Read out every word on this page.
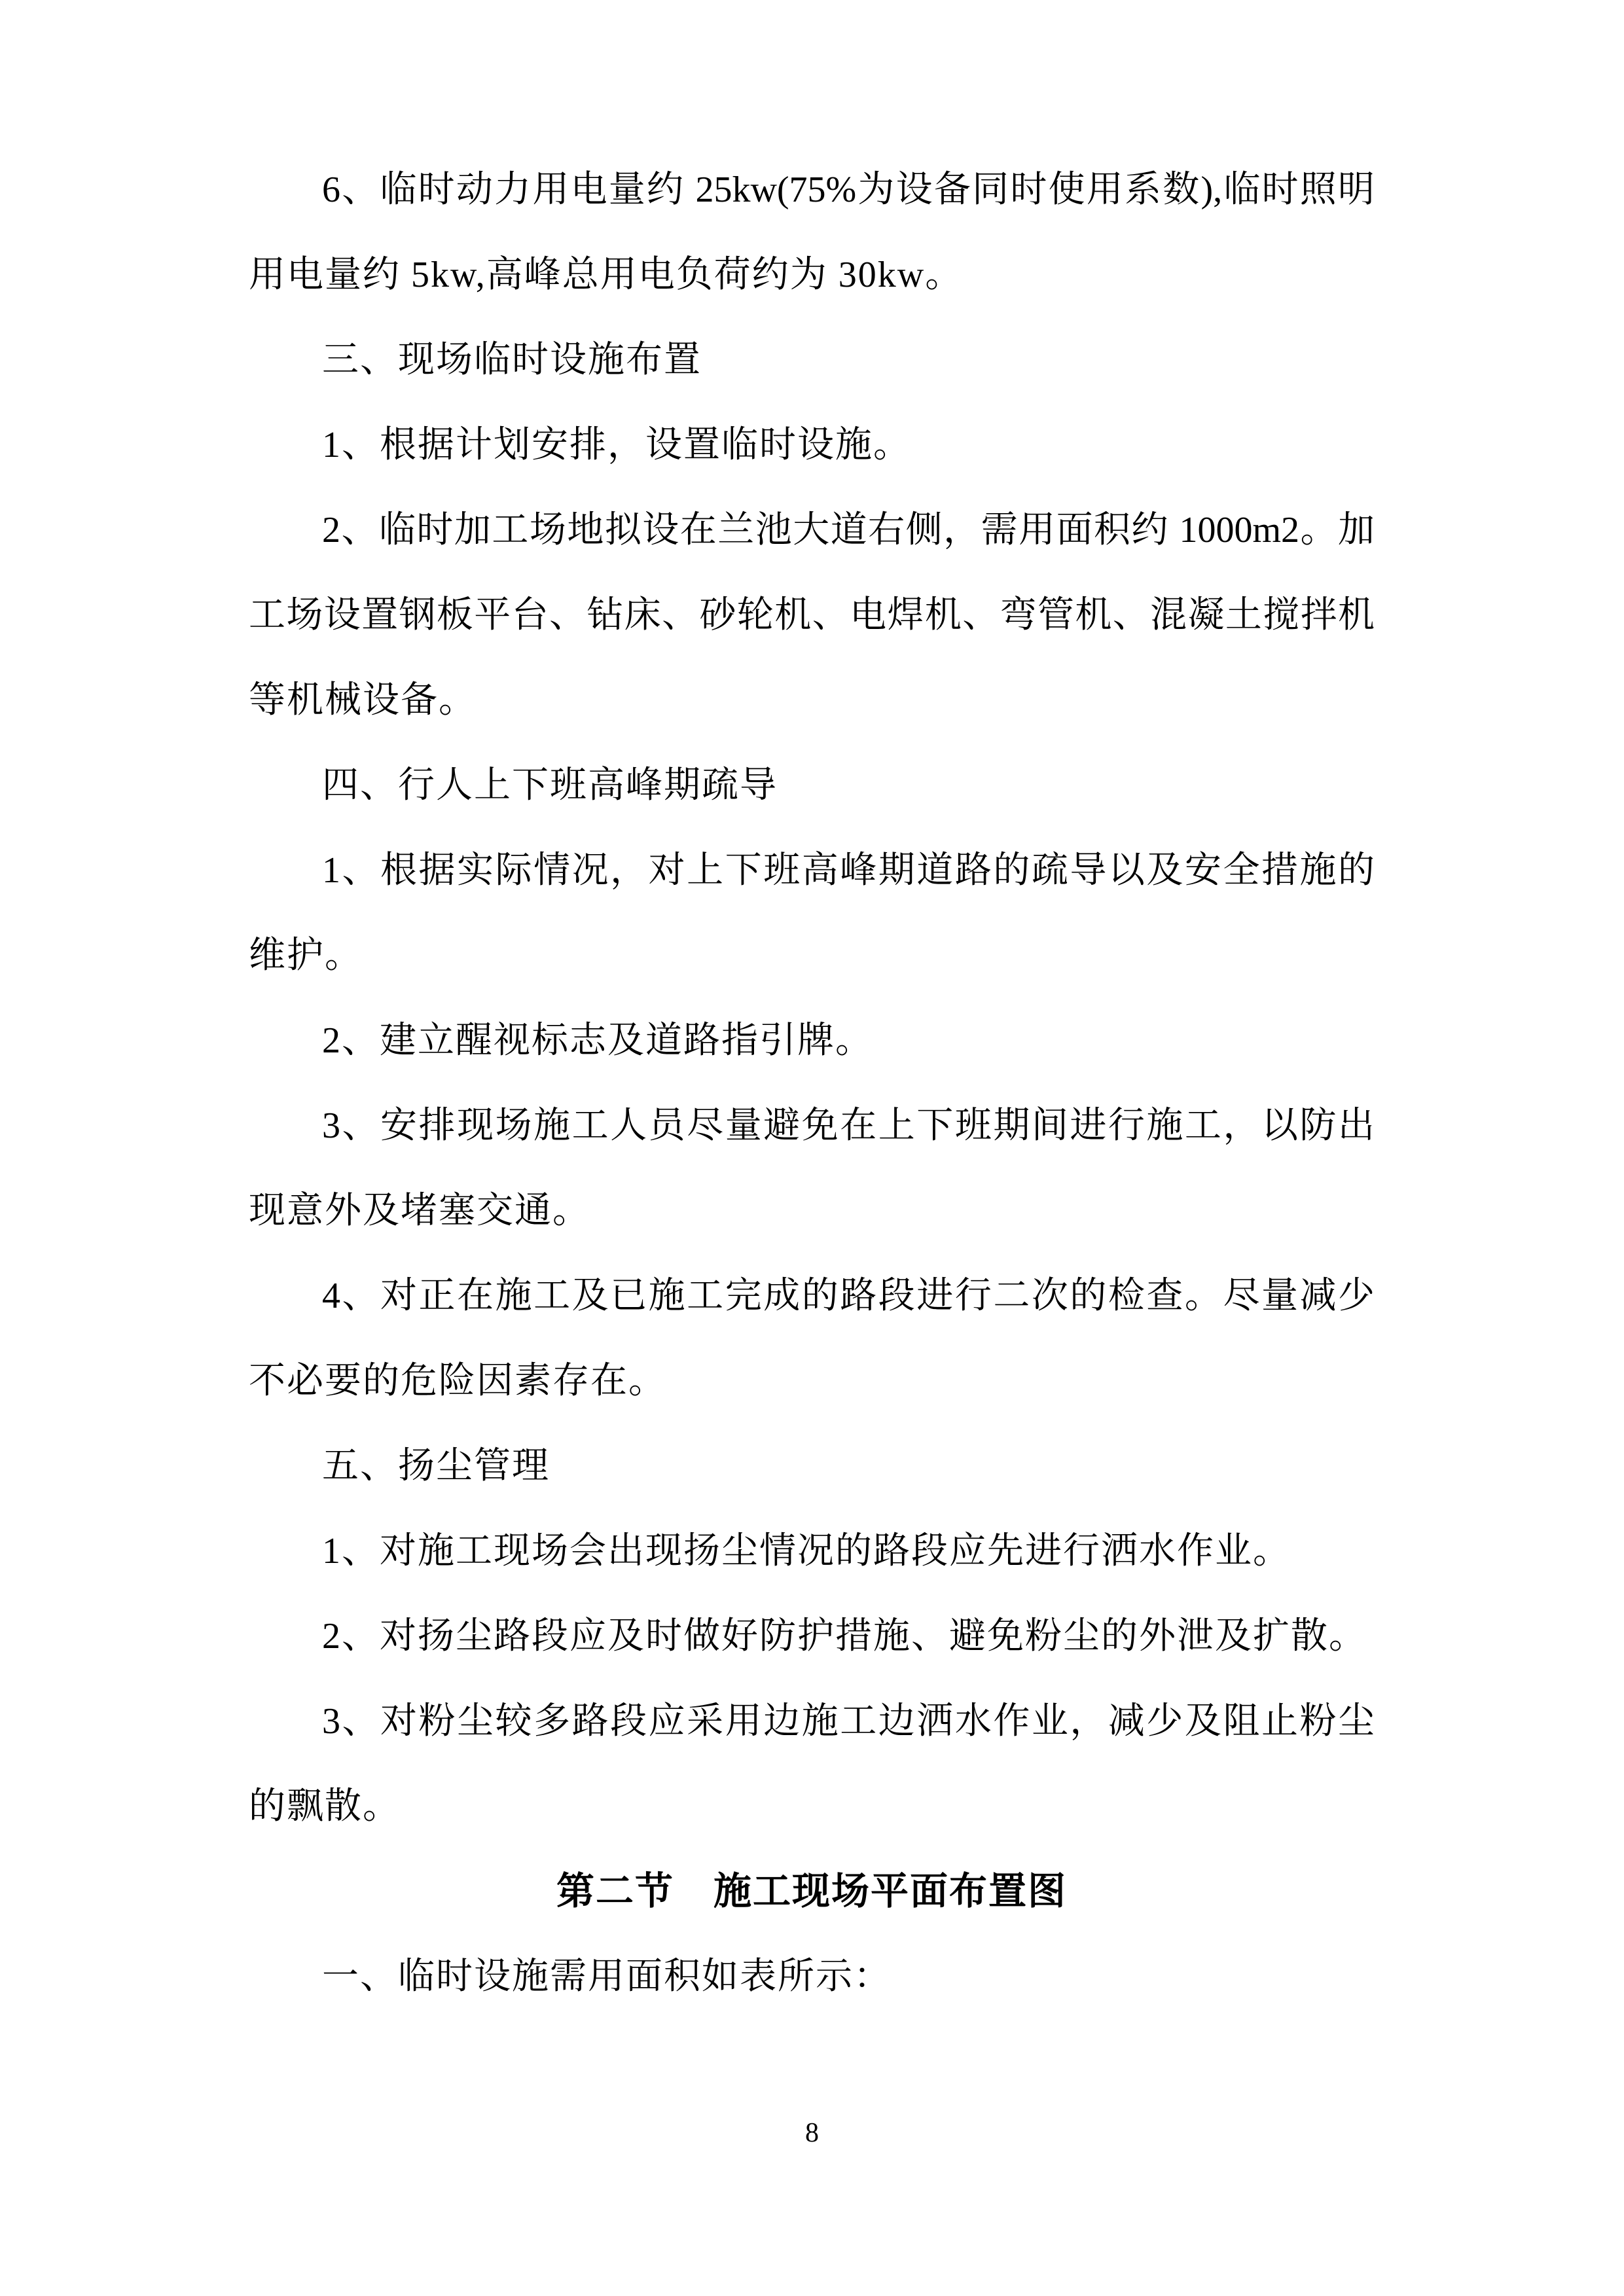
6、临时动力用电量约 25kw(75%为设备同时使用系数),临时照明
用电量约 5kw,高峰总用电负荷约为 30kw。
三、现场临时设施布置
1、根据计划安排，设置临时设施。
2、临时加工场地拟设在兰池大道右侧，需用面积约 1000m2。加
工场设置钢板平台、钻床、砂轮机、电焊机、弯管机、混凝土搅拌机
等机械设备。
四、行人上下班高峰期疏导
1、根据实际情况，对上下班高峰期道路的疏导以及安全措施的
维护。
2、建立醒视标志及道路指引牌。
3、安排现场施工人员尽量避免在上下班期间进行施工，以防出
现意外及堵塞交通。
4、对正在施工及已施工完成的路段进行二次的检查。尽量减少
不必要的危险因素存在。
五、扬尘管理
1、对施工现场会出现扬尘情况的路段应先进行洒水作业。
2、对扬尘路段应及时做好防护措施、避免粉尘的外泄及扩散。
3、对粉尘较多路段应采用边施工边洒水作业，减少及阻止粉尘
的飘散。
第二节　施工现场平面布置图
一、临时设施需用面积如表所示：
8
